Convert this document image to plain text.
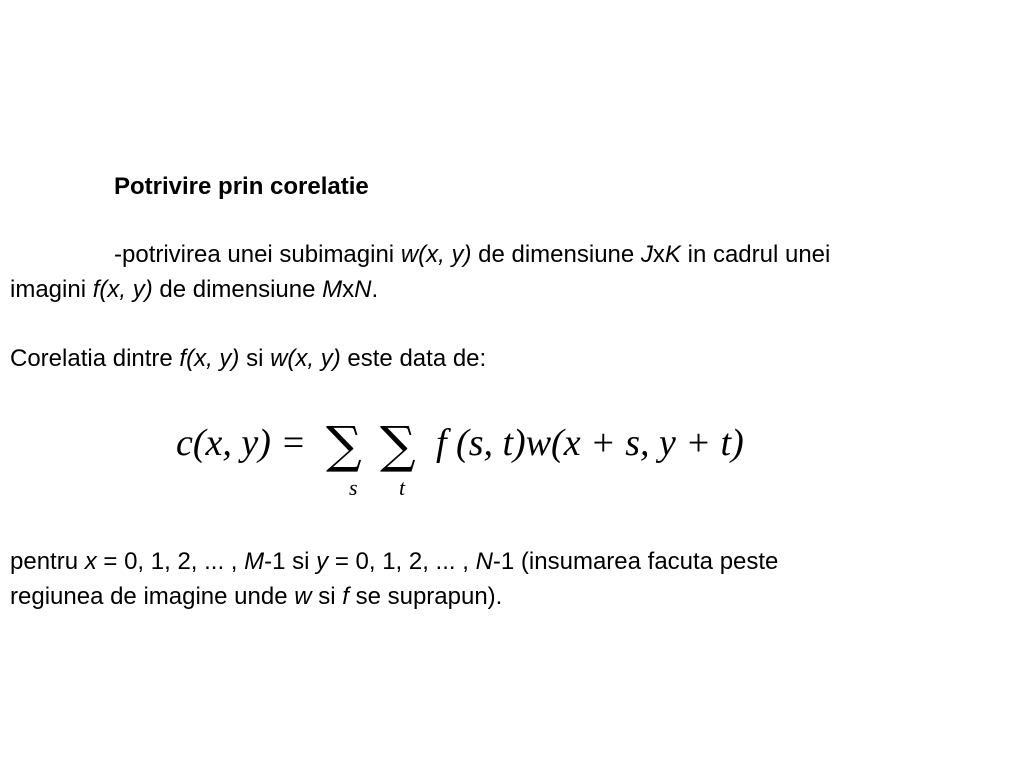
Potrivire prin corelatie
-potrivirea unei subimagini w(x, y) de dimensiune JxK in cadrul unei
imagini f(x, y) de dimensiune MxN.
Corelatia dintre f(x, y) si w(x, y) este data de:
c(x, y) = ∑ ∑
s t
f (s, t)w(x + s, y + t)
pentru x = 0, 1, 2, ... , M-1 si y = 0, 1, 2, ... , N-1 (insumarea facuta peste
regiunea de imagine unde w si f se suprapun).
